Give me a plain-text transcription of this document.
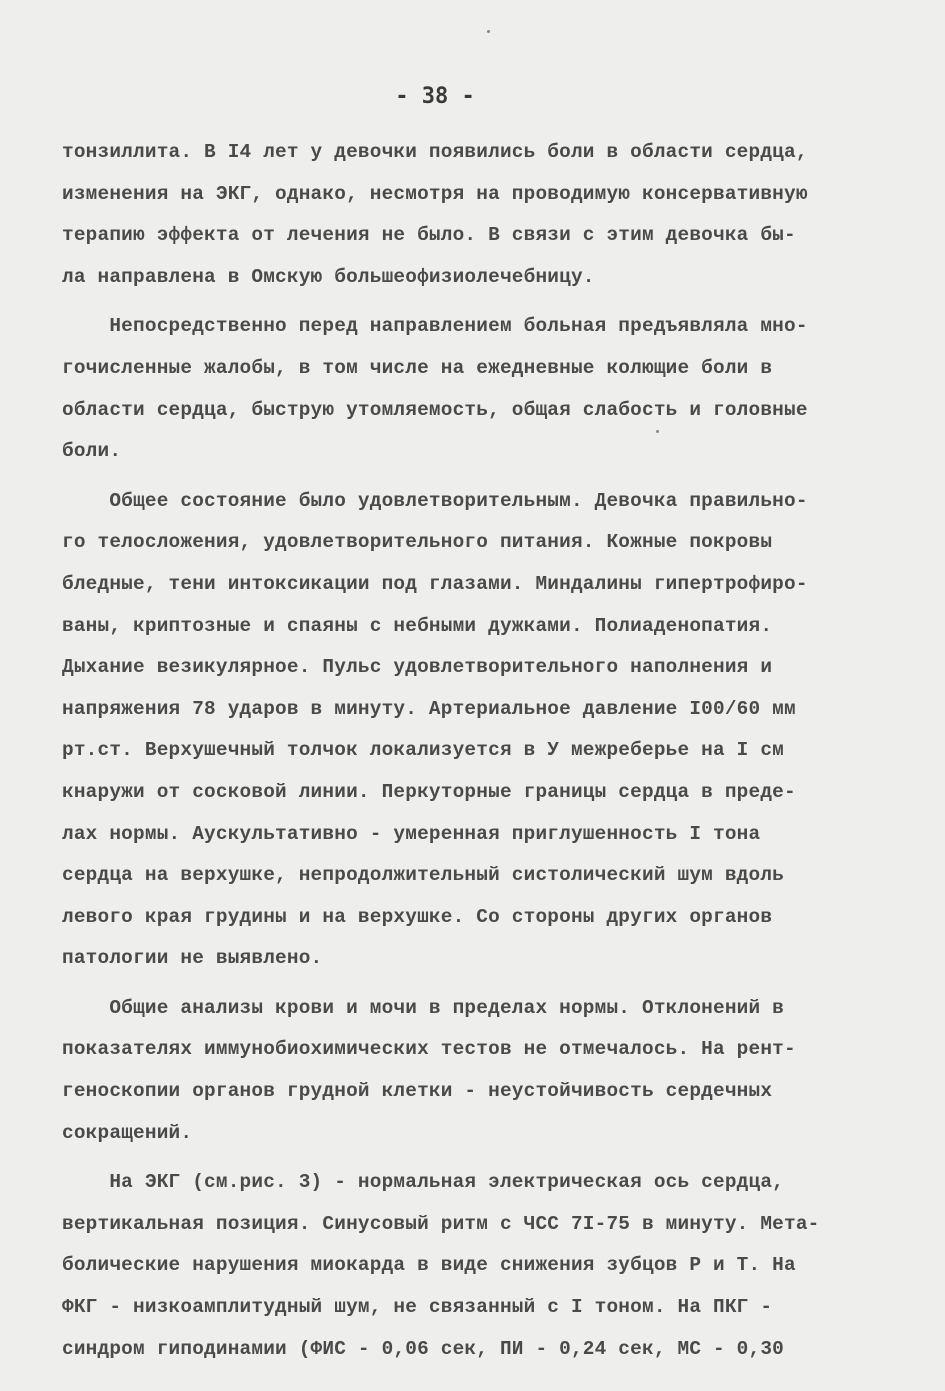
- 38 -
тонзиллита. В I4 лет у девочки появились боли в области сердца,
изменения на ЭКГ, однако, несмотря на проводимую консервативную
терапию эффекта от лечения не было. В связи с этим девочка бы-
ла направлена в Омскую большеофизиолечебницу.
Непосредственно перед направлением больная предъявляла мно-
гочисленные жалобы, в том числе на ежедневные колющие боли в
области сердца, быструю утомляемость, общая слабость и головные
боли.
Общее состояние было удовлетворительным. Девочка правильно-
го телосложения, удовлетворительного питания. Кожные покровы
бледные, тени интоксикации под глазами. Миндалины гипертрофиро-
ваны, криптозные и спаяны с небными дужками. Полиаденопатия.
Дыхание везикулярное. Пульс удовлетворительного наполнения и
напряжения 78 ударов в минуту. Артериальное давление I00/60 мм
рт.ст. Верхушечный толчок локализуется в У межреберье на I см
кнаружи от сосковой линии. Перкуторные границы сердца в преде-
лах нормы. Аускультативно - умеренная приглушенность I тона
сердца на верхушке, непродолжительный систолический шум вдоль
левого края грудины и на верхушке. Со стороны других органов
патологии не выявлено.
Общие анализы крови и мочи в пределах нормы. Отклонений в
показателях иммунобиохимических тестов не отмечалось. На рент-
геноскопии органов грудной клетки - неустойчивость сердечных
сокращений.
На ЭКГ (см.рис. 3) - нормальная электрическая ось сердца,
вертикальная позиция. Синусовый ритм с ЧСС 7I-75 в минуту. Мета-
болические нарушения миокарда в виде снижения зубцов Р и Т. На
ФКГ - низкоамплитудный шум, не связанный с I тоном. На ПКГ -
синдром гиподинамии (ФИС - 0,06 сек, ПИ - 0,24 сек, МС - 0,30
